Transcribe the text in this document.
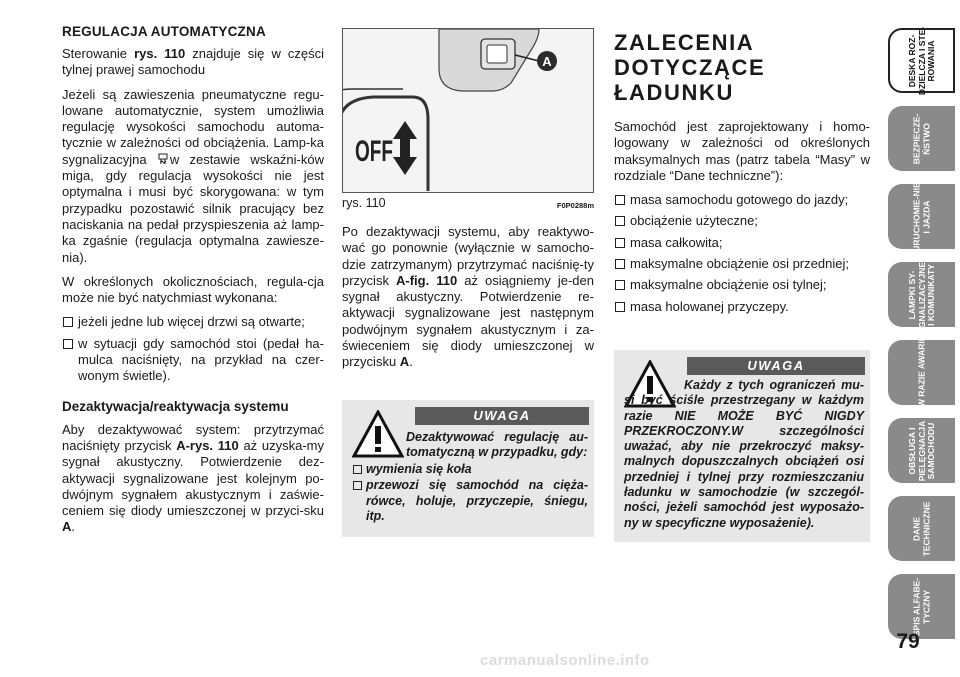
REGULACJA AUTOMATYCZNA

Sterowanie rys. 110 znajduje się w części tylnej prawej samochodu

Jeżeli są zawieszenia pneumatyczne regu-lowane automatycznie, system umożliwia regulację wysokości samochodu automa-tycznie w zależności od obciążenia. Lamp-ka sygnalizacyjna w zestawie wskaźni-ków miga, gdy regulacja wysokości nie jest optymalna i musi być skorygowana: w tym przypadku pozostawić silnik pracujący bez naciskania na pedał przyspieszenia aż lamp-ka zgaśnie (regulacja optymalna zawiesze-nia).

W określonych okolicznościach, regula-cja może nie być natychmiast wykonana:

jeżeli jedne lub więcej drzwi są otwarte;
w sytuacji gdy samochód stoi (pedał ha-mulca naciśnięty, na przykład na czer-wonym świetle).
Dezaktywacja/reaktywacja systemu

Aby dezaktywować system: przytrzymać naciśnięty przycisk A-rys. 110 aż uzyska-my sygnał akustyczny. Potwierdzenie dez-aktywacji sygnalizowane jest kolejnym po-dwójnym sygnałem akustycznym i zaświe-ceniem się diody umieszczonej w przyci-sku A.

A
OFF
rys. 110	F0P0288m

Po dezaktywacji systemu, aby reaktywo-wać go ponownie (wyłącznie w samocho-dzie zatrzymanym) przytrzymać naciśnię-ty przycisk A-fig. 110 aż osiągniemy je-den sygnał akustyczny. Potwierdzenie re-aktywacji sygnalizowane jest następnym podwójnym sygnałem akustycznym i za-świeceniem się diody umieszczonej w przycisku A.

UWAGA
Dezaktywować regulację au-tomatyczną w przypadku, gdy:
wymienia się koła
przewozi się samochód na cięża-rówce, holuje, przyczepie, śniegu, itp.
ZALECENIA DOTYCZĄCE ŁADUNKU

Samochód jest zaprojektowany i homo-logowany w zależności od określonych maksymalnych mas (patrz tabela “Masy” w rozdziale “Dane techniczne”):

masa samochodu gotowego do jazdy;
obciążenie użyteczne;
masa całkowita;
maksymalne obciążenie osi przedniej;
maksymalne obciążenie osi tylnej;
masa holowanej przyczepy.
UWAGA
Każdy z tych ograniczeń mu-si być ściśle przestrzegany w każdym razie NIE MOŻE BYĆ NIGDY PRZEKROCZONY.W szczególności uważać, aby nie przekroczyć maksy-malnych dopuszczalnych obciążeń osi przedniej i tylnej przy rozmieszczaniu ładunku w samochodzie (w szczegól-ności, jeżeli samochód jest wyposażo-ny w specyficzne wyposażenie).
DESKA ROZ-DZIELCZA I STE-ROWANIA
BEZPIECZE-ŃSTWO
URUCHOMIE-NIE I JAZDA
LAMPKI SY-GNALIZACYJNE I KOMUNIKATY
W RAZIE AWARII
OBSŁUGA I PIELĘGNACJA SAMOCHODU
DANE TECHNICZNE
SPIS ALFABE-TYCZNY
79
carmanualsonline.info
